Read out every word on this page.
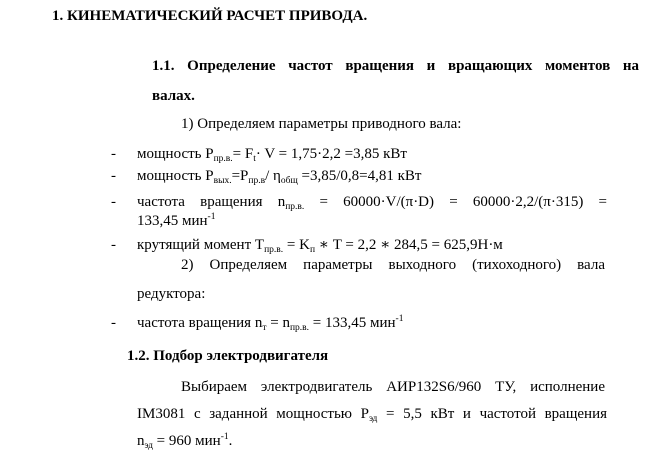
1. КИНЕМАТИЧЕСКИЙ РАСЧЕТ ПРИВОДА.
1.1. Определение частот вращения и вращающих моментов на
валах.
1) Определяем параметры приводного вала:
- мощность $P_{пр.в.}= F_t\cdot V = 1,75\cdot 2,2 =3,85$ кВт
- мощность $P_{вых.}=P_{пр.в}/$ $\eta_{общ} =3,85/0,8=4,81$ кВт
- частота вращения $n_{пр.в.} = 60000\cdot V/(\pi\cdot D) = 60000\cdot 2,2/(\pi\cdot 315)$ =
133,45 мин$^{-1}$
- крутящий момент $T_{пр.в.} = K_п$ ∗ T = 2,2 ∗ 284,5 = 625,9Н·м
2) Определяем параметры выходного (тихоходного) вала
редуктора:
- частота вращения $n_т = n_{пр.в.} = 133,45$ мин$^{-1}$
1.2. Подбор электродвигателя
Выбираем электродвигатель АИР132S6/960 ТУ, исполнение
IM3081 с заданной мощностью $P_{эд} = 5,5$ кВт и частотой вращения
$n_{эд} = 960$ мин$^{-1}$.
